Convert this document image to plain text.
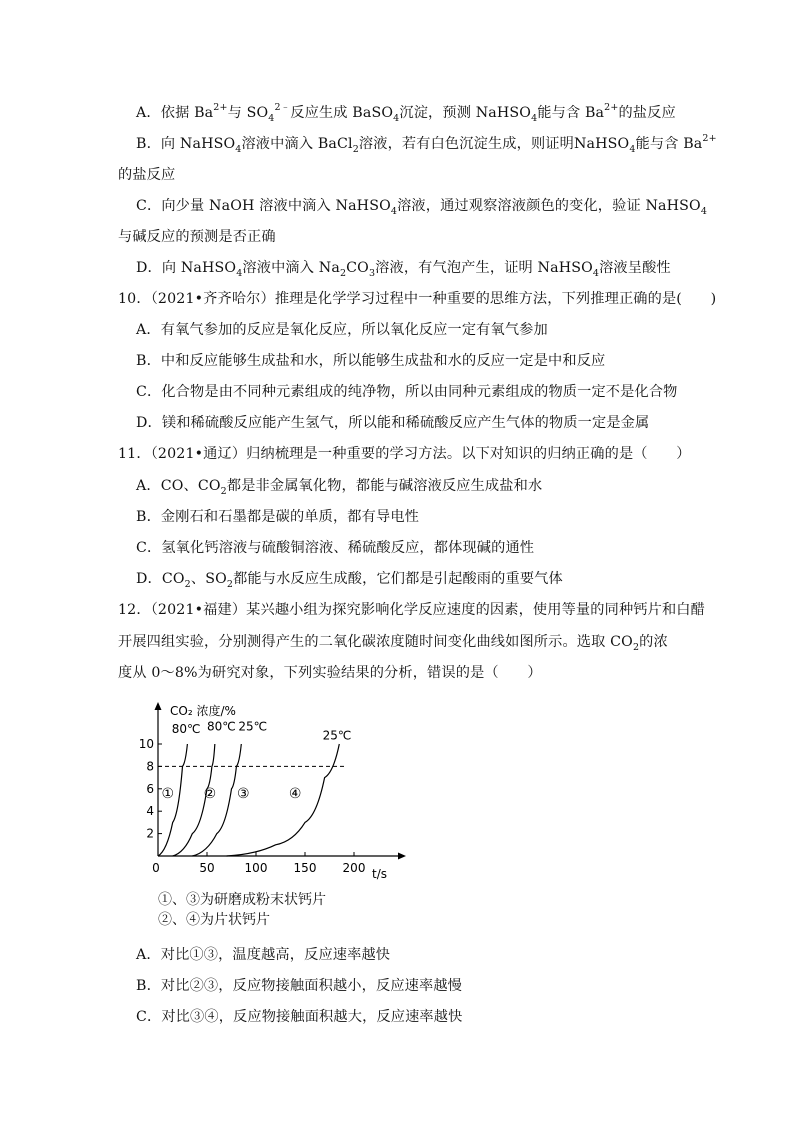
A．依据 $Ba^{2+}$与 $SO_4^{2﹣}$反应生成 BaSO$_4$沉淀，预测 NaHSO$_4$能与含 $Ba^{2+}$的盐反应
B．向 NaHSO$_4$溶液中滴入 BaCl$_2$溶液，若有白色沉淀生成，则证明NaHSO$_4$能与含 $Ba^{2+}$
的盐反应
C．向少量 NaOH 溶液中滴入 NaHSO$_4$溶液，通过观察溶液颜色的变化，验证 NaHSO$_4$
与碱反应的预测是否正确
D．向 NaHSO$_4$溶液中滴入 $Na_2CO_3$溶液，有气泡产生，证明 NaHSO$_4$溶液呈酸性
10．（2021•齐齐哈尔）推理是化学学习过程中一种重要的思维方法，下列推理正确的是(　　)
A．有氧气参加的反应是氧化反应，所以氧化反应一定有氧气参加
B．中和反应能够生成盐和水，所以能够生成盐和水的反应一定是中和反应
C．化合物是由不同种元素组成的纯净物，所以由同种元素组成的物质一定不是化合物
D．镁和稀硫酸反应能产生氢气，所以能和稀硫酸反应产生气体的物质一定是金属
11．（2021•通辽）归纳梳理是一种重要的学习方法。以下对知识的归纳正确的是（　　）
A．CO、$CO_2$都是非金属氧化物，都能与碱溶液反应生成盐和水
B．金刚石和石墨都是碳的单质，都有导电性
C．氢氧化钙溶液与硫酸铜溶液、稀硫酸反应，都体现碱的通性
D．$CO_2$、$SO_2$都能与水反应生成酸，它们都是引起酸雨的重要气体
12．（2021•福建）某兴趣小组为探究影响化学反应速度的因素，使用等量的同种钙片和白醋
开展四组实验，分别测得产生的二氧化碳浓度随时间变化曲线如图所示。选取 $CO_2$的浓
度从 0～8%为研究对象，下列实验结果的分析，错误的是（　　）
2
4
6
8
10
0	50 100 150 200
CO₂ 浓度/%
t/s
80℃
①
80℃
②
25℃
③
25℃
④
①、③为研磨成粉末状钙片
②、④为片状钙片
A．对比①③，温度越高，反应速率越快
B．对比②③，反应物接触面积越小，反应速率越慢
C．对比③④，反应物接触面积越大，反应速率越快
